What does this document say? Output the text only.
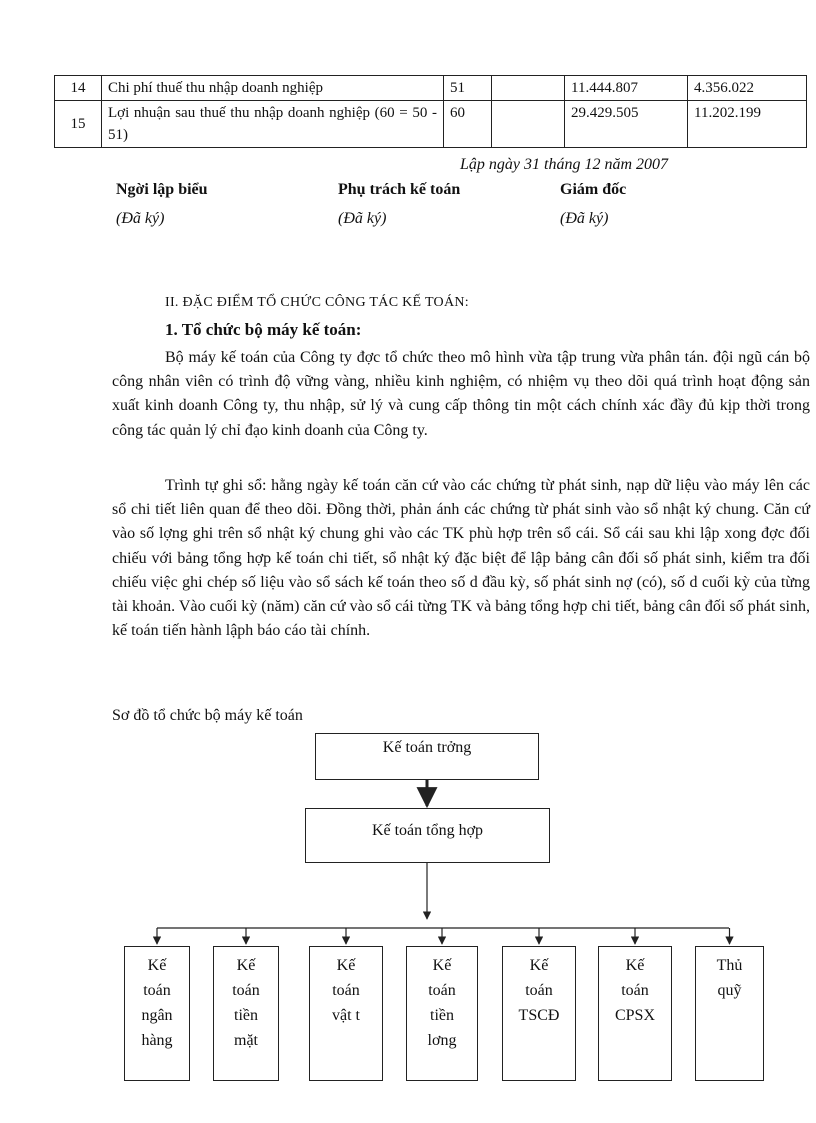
14	Chi phí thuế thu nhập doanh nghiệp	51		11.444.807	4.356.022
15	Lợi nhuận sau thuế thu nhập doanh nghiệp (60 = 50 - 51)	60		29.429.505	11.202.199
Lập ngày 31 tháng 12 năm 2007
Ngời lập biểu	Phụ trách kế toán	Giám đốc
(Đã ký)	(Đã ký)	(Đã ký)
II. ĐẶC ĐIỂM TỔ CHỨC CÔNG TÁC KẾ TOÁN:
1. Tổ chức bộ máy kế toán:
Bộ máy kế toán của Công ty đợc tổ chức theo mô hình vừa tập trung vừa phân tán. đội ngũ cán bộ công nhân viên có trình độ vững vàng, nhiều kinh nghiệm, có nhiệm vụ theo dõi quá trình hoạt động sản xuất kinh doanh Công ty, thu nhập, sử lý và cung cấp thông tin một cách chính xác đầy đủ kịp thời trong công tác quản lý chỉ đạo kinh doanh của Công ty.
Trình tự ghi sổ: hằng ngày kế toán căn cứ vào các chứng từ phát sinh, nạp dữ liệu vào máy lên các sổ chi tiết liên quan để theo dõi. Đồng thời, phản ánh các chứng từ phát sinh vào sổ nhật ký chung. Căn cứ vào số lợng ghi trên sổ nhật ký chung ghi vào các TK phù hợp trên sổ cái. Sổ cái sau khi lập xong đợc đối chiếu với bảng tổng hợp kế toán chi tiết, sổ nhật ký đặc biệt để lập bảng cân đối số phát sinh, kiểm tra đối chiếu việc ghi chép số liệu vào sổ sách kế toán theo số d đầu kỳ, số phát sinh nợ (có), số d cuối kỳ của từng tài khoản. Vào cuối kỳ (năm) căn cứ vào sổ cái từng TK và bảng tổng hợp chi tiết, bảng cân đối số phát sinh, kế toán tiến hành lậph báo cáo tài chính.
Sơ đồ tổ chức bộ máy kế toán
Kế toán trởng
Kế toán tổng hợp
Kế
toán
ngân
hàng
Kế
toán
tiền
mặt
Kế
toán
vật t
Kế
toán
tiền
lơng
Kế
toán
TSCĐ
Kế
toán
CPSX
Thủ
quỹ
